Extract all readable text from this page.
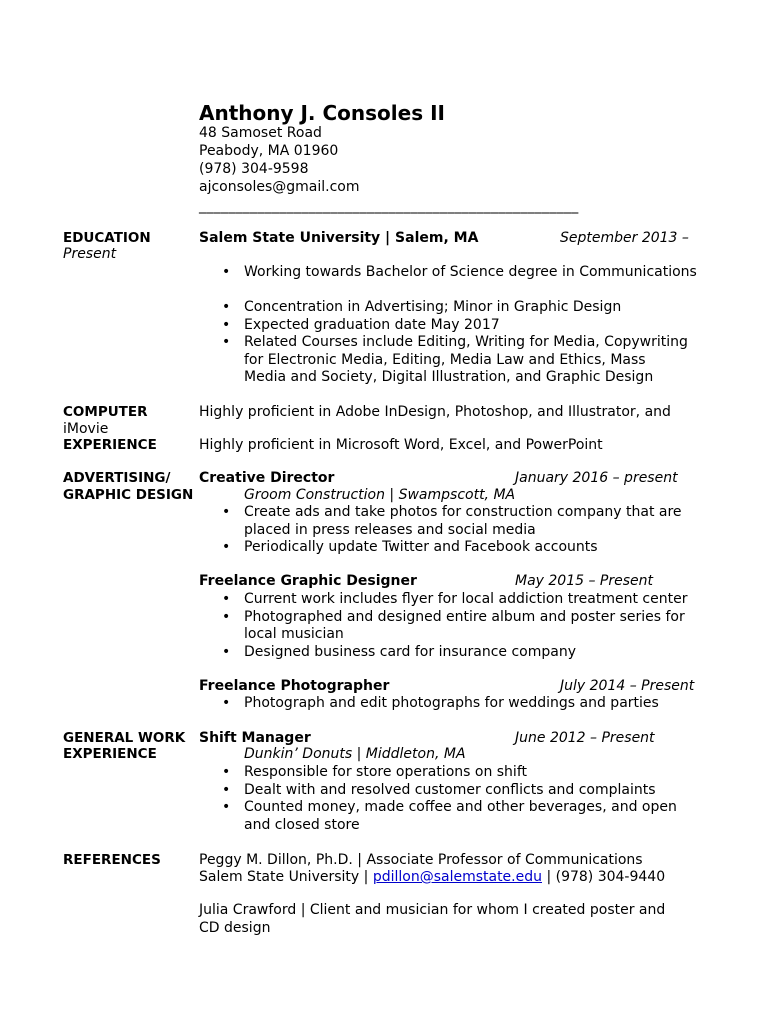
Anthony J. Consoles II
48 Samoset Road
Peabody, MA 01960
(978) 304-9598
ajconsoles@gmail.com
____________________________________________________
EDUCATION	Salem State University | Salem, MA	September 2013 –
Present
• Working towards Bachelor of Science degree in Communications
• Concentration in Advertising; Minor in Graphic Design
• Expected graduation date May 2017
• Related Courses include Editing, Writing for Media, Copywriting for Electronic Media, Editing, Media Law and Ethics, Mass Media and Society, Digital Illustration, and Graphic Design
COMPUTER	Highly proficient in Adobe InDesign, Photoshop, and Illustrator, and
iMovie
EXPERIENCE	Highly proficient in Microsoft Word, Excel, and PowerPoint
ADVERTISING/
GRAPHIC DESIGN
Creative Director	January 2016 – present
Groom Construction | Swampscott, MA
• Create ads and take photos for construction company that are placed in press releases and social media
• Periodically update Twitter and Facebook accounts
Freelance Graphic Designer	May 2015 – Present
• Current work includes flyer for local addiction treatment center
• Photographed and designed entire album and poster series for local musician
• Designed business card for insurance company
Freelance Photographer	July 2014 – Present
• Photograph and edit photographs for weddings and parties
GENERAL WORK
EXPERIENCE
Shift Manager	June 2012 – Present
Dunkin’ Donuts | Middleton, MA
• Responsible for store operations on shift
• Dealt with and resolved customer conflicts and complaints
• Counted money, made coffee and other beverages, and open and closed store
REFERENCES	Peggy M. Dillon, Ph.D. | Associate Professor of Communications
Salem State University | pdillon@salemstate.edu | (978) 304-9440
Julia Crawford | Client and musician for whom I created poster and CD design
